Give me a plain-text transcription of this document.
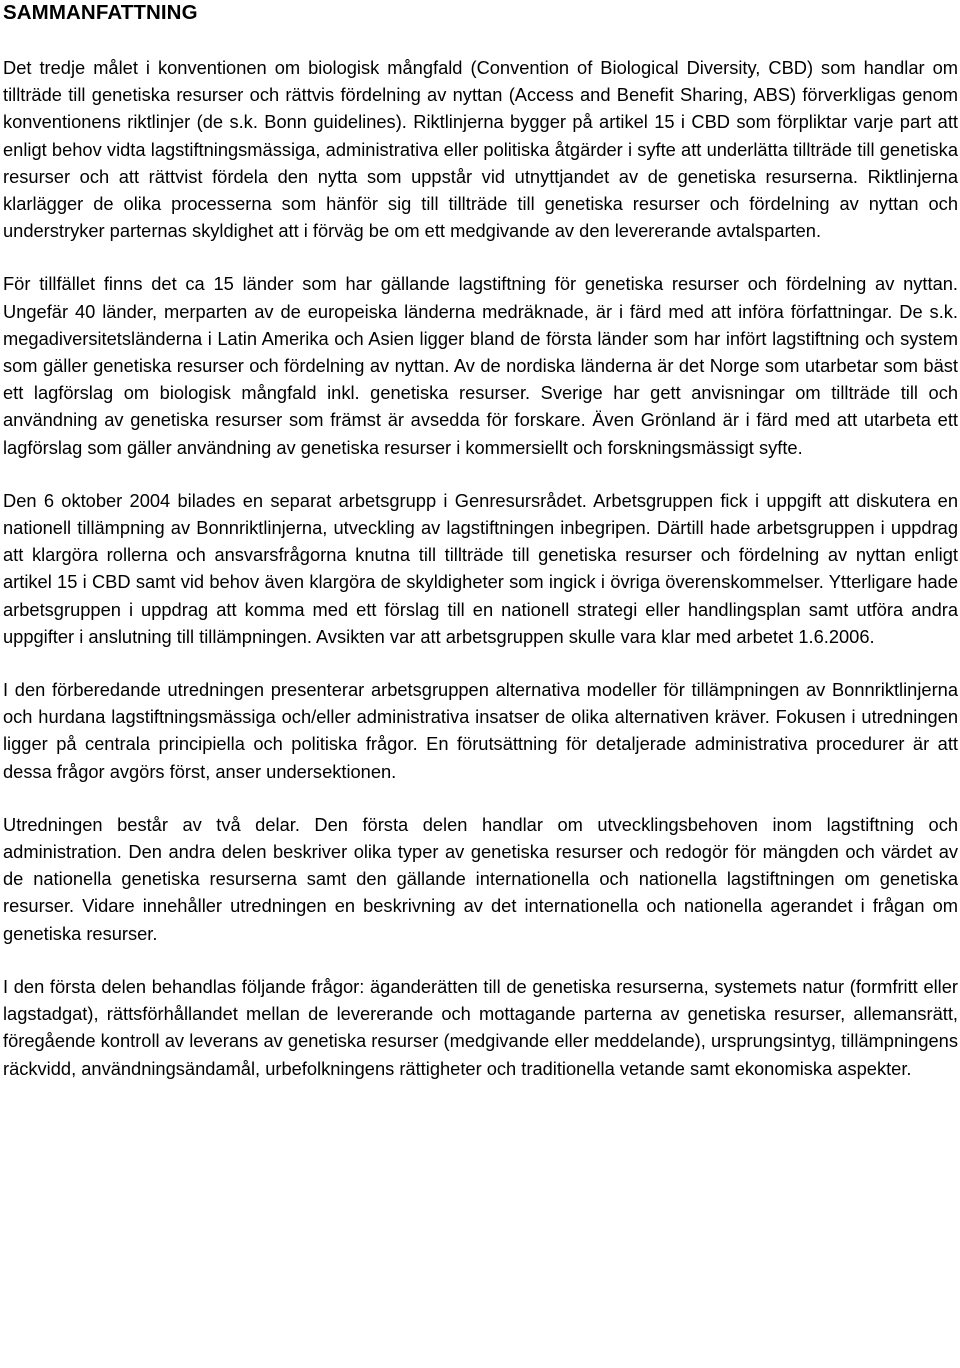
SAMMANFATTNING

Det tredje målet i konventionen om biologisk mångfald (Convention of Biological Diversity, CBD) som handlar om tillträde till genetiska resurser och rättvis fördelning av nyttan (Access and Benefit Sharing, ABS) förverkligas genom konventionens riktlinjer (de s.k. Bonn guidelines). Riktlinjerna bygger på artikel 15 i CBD som förpliktar varje part att enligt behov vidta lagstiftningsmässiga, administrativa eller politiska åtgärder i syfte att underlätta tillträde till genetiska resurser och att rättvist fördela den nytta som uppstår vid utnyttjandet av de genetiska resurserna. Riktlinjerna klarlägger de olika processerna som hänför sig till tillträde till genetiska resurser och fördelning av nyttan och understryker parternas skyldighet att i förväg be om ett medgivande av den levererande avtalsparten.

För tillfället finns det ca 15 länder som har gällande lagstiftning för genetiska resurser och fördelning av nyttan. Ungefär 40 länder, merparten av de europeiska länderna medräknade, är i färd med att införa författningar. De s.k. megadiversitetsländerna i Latin Amerika och Asien ligger bland de första länder som har infört lagstiftning och system som gäller genetiska resurser och fördelning av nyttan. Av de nordiska länderna är det Norge som utarbetar som bäst ett lagförslag om biologisk mångfald inkl. genetiska resurser. Sverige har gett anvisningar om tillträde till och användning av genetiska resurser som främst är avsedda för forskare. Även Grönland är i färd med att utarbeta ett lagförslag som gäller användning av genetiska resurser i kommersiellt och forskningsmässigt syfte.

Den 6 oktober 2004 bilades en separat arbetsgrupp i Genresursrådet. Arbetsgruppen fick i uppgift att diskutera en nationell tillämpning av Bonnriktlinjerna, utveckling av lagstiftningen inbegripen. Därtill hade arbetsgruppen i uppdrag att klargöra rollerna och ansvarsfrågorna knutna till tillträde till genetiska resurser och fördelning av nyttan enligt artikel 15 i CBD samt vid behov även klargöra de skyldigheter som ingick i övriga överenskommelser. Ytterligare hade arbetsgruppen i uppdrag att komma med ett förslag till en nationell strategi eller handlingsplan samt utföra andra uppgifter i anslutning till tillämpningen. Avsikten var att arbetsgruppen skulle vara klar med arbetet 1.6.2006.

I den förberedande utredningen presenterar arbetsgruppen alternativa modeller för tillämpningen av Bonnriktlinjerna och hurdana lagstiftningsmässiga och/eller administrativa insatser de olika alternativen kräver. Fokusen i utredningen ligger på centrala principiella och politiska frågor. En förutsättning för detaljerade administrativa procedurer är att dessa frågor avgörs först, anser undersektionen.

Utredningen består av två delar. Den första delen handlar om utvecklingsbehoven inom lagstiftning och administration. Den andra delen beskriver olika typer av genetiska resurser och redogör för mängden och värdet av de nationella genetiska resurserna samt den gällande internationella och nationella lagstiftningen om genetiska resurser. Vidare innehåller utredningen en beskrivning av det internationella och nationella agerandet i frågan om genetiska resurser.

I den första delen behandlas följande frågor: äganderätten till de genetiska resurserna, systemets natur (formfritt eller lagstadgat), rättsförhållandet mellan de levererande och mottagande parterna av genetiska resurser, allemansrätt, föregående kontroll av leverans av genetiska resurser (medgivande eller meddelande), ursprungsintyg, tillämpningens räckvidd, användningsändamål, urbefolkningens rättigheter och traditionella vetande samt ekonomiska aspekter.
